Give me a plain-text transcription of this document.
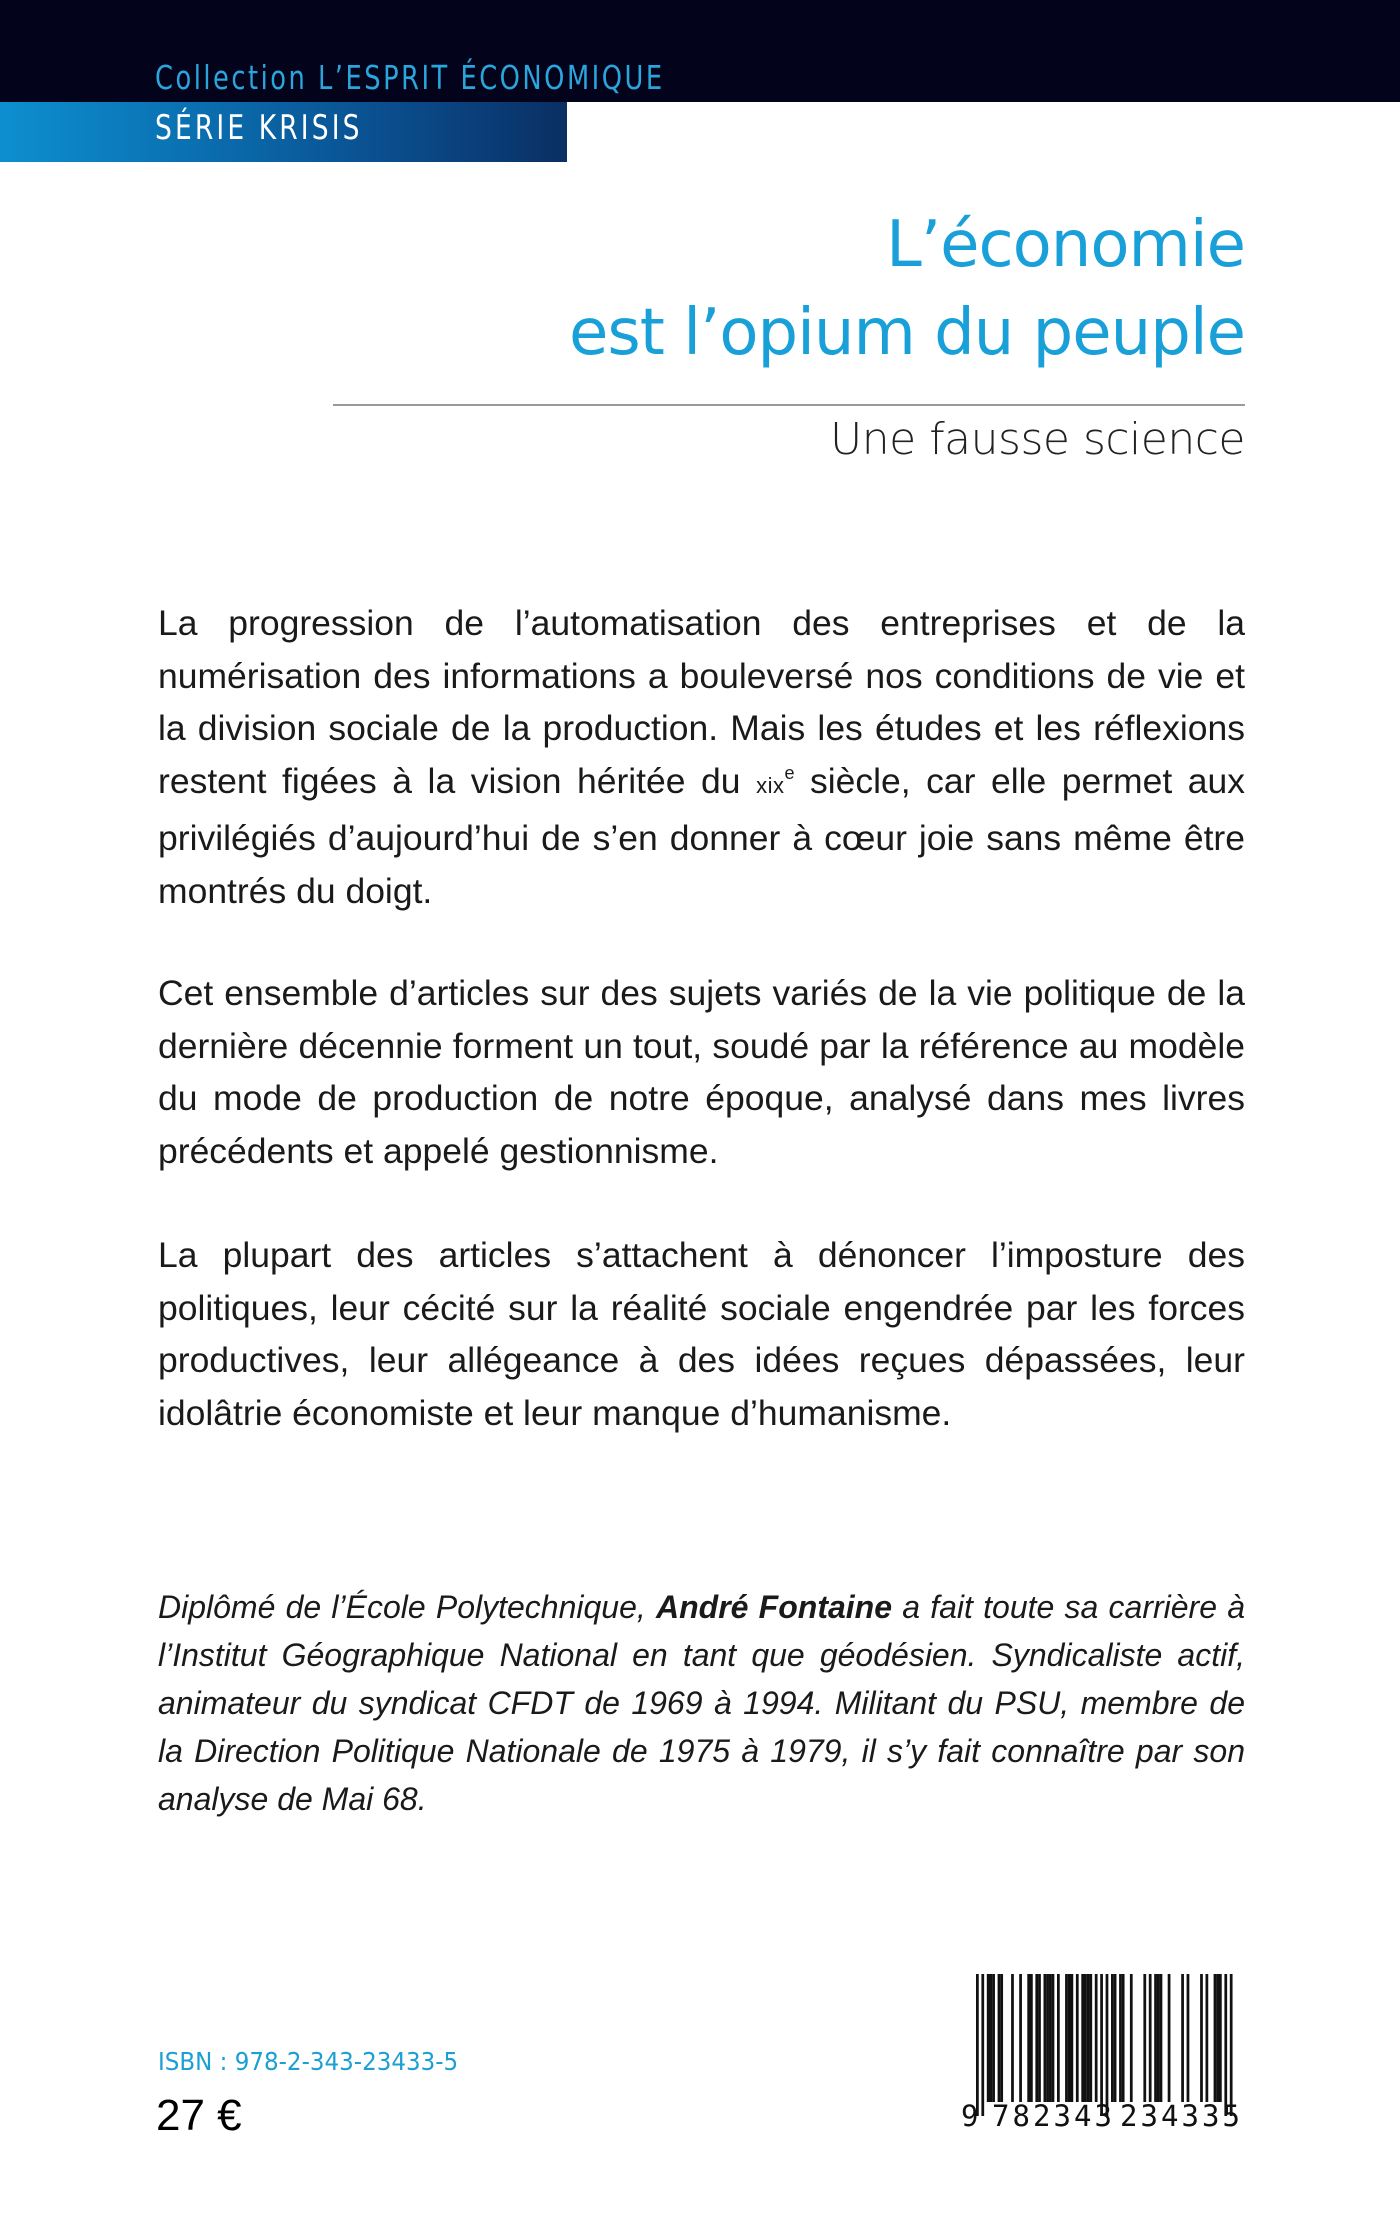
Collection L’ESPRIT ÉCONOMIQUE
SÉRIE KRISIS
L’économie
est l’opium du peuple
Une fausse science

La progression de l’automatisation des entreprises et de la numérisation des informations a bouleversé nos conditions de vie et la division sociale de la production. Mais les études et les réflexions restent figées à la vision héritée du xix$^e$ siècle, car elle permet aux privilégiés d’aujourd’hui de s’en donner à cœur joie sans même être montrés du doigt.

Cet ensemble d’articles sur des sujets variés de la vie politique de la dernière décennie forment un tout, soudé par la référence au modèle du mode de production de notre époque, analysé dans mes livres précédents et appelé gestionnisme.

La plupart des articles s’attachent à dénoncer l’imposture des politiques, leur cécité sur la réalité sociale engendrée par les forces productives, leur allégeance à des idées reçues dépassées, leur idolâtrie économiste et leur manque d’humanisme.

Diplômé de l’École Polytechnique, André Fontaine a fait toute sa carrière à l’Institut Géographique National en tant que géodésien. Syndicaliste actif, animateur du syndicat CFDT de 1969 à 1994. Militant du PSU, membre de la Direction Politique Nationale de 1975 à 1979, il s’y fait connaître par son analyse de Mai 68.

ISBN : 978-2-343-23433-5
27 €	9 782343 234335
